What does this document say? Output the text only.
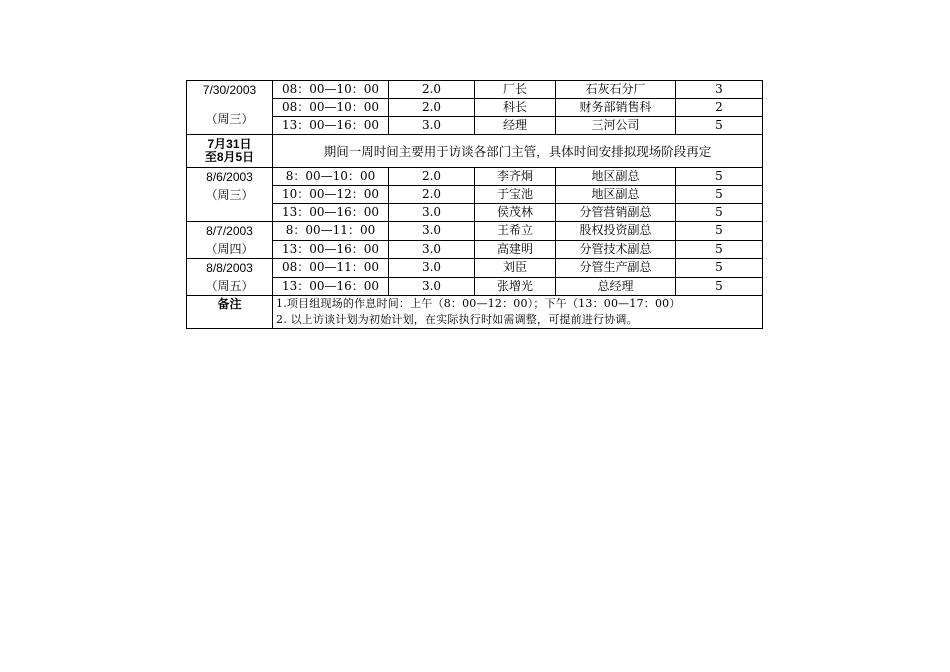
7/30/2003
（周三）	08：00—10：00	2.0	厂长	石灰石分厂	3
	08：00—10：00	2.0	科长	财务部销售科	2
	13：00—16：00	3.0	经理	三河公司	5

7月31日
至8月5日	期间一周时间主要用于访谈各部门主管，具体时间安排拟现场阶段再定				

8/6/2003
（周三）	8：00—10：00	2.0	李齐炯	地区副总	5
	10：00—12：00	2.0	于宝池	地区副总	5
	13：00—16：00	3.0	侯茂林	分管营销副总	5

8/7/2003
（周四）	8：00—11：00	3.0	王希立	股权投资副总	5
	13：00—16：00	3.0	高建明	分管技术副总	5

8/8/2003
（周五）	08：00—11：00	3.0	刘臣	分管生产副总	5
	13：00—16：00	3.0	张增光	总经理	5
备注	1.项目组现场的作息时间：上午（8：00—12：00）；下午（13：00—17：00）
2. 以上访谈计划为初始计划，在实际执行时如需调整，可提前进行协调。				
